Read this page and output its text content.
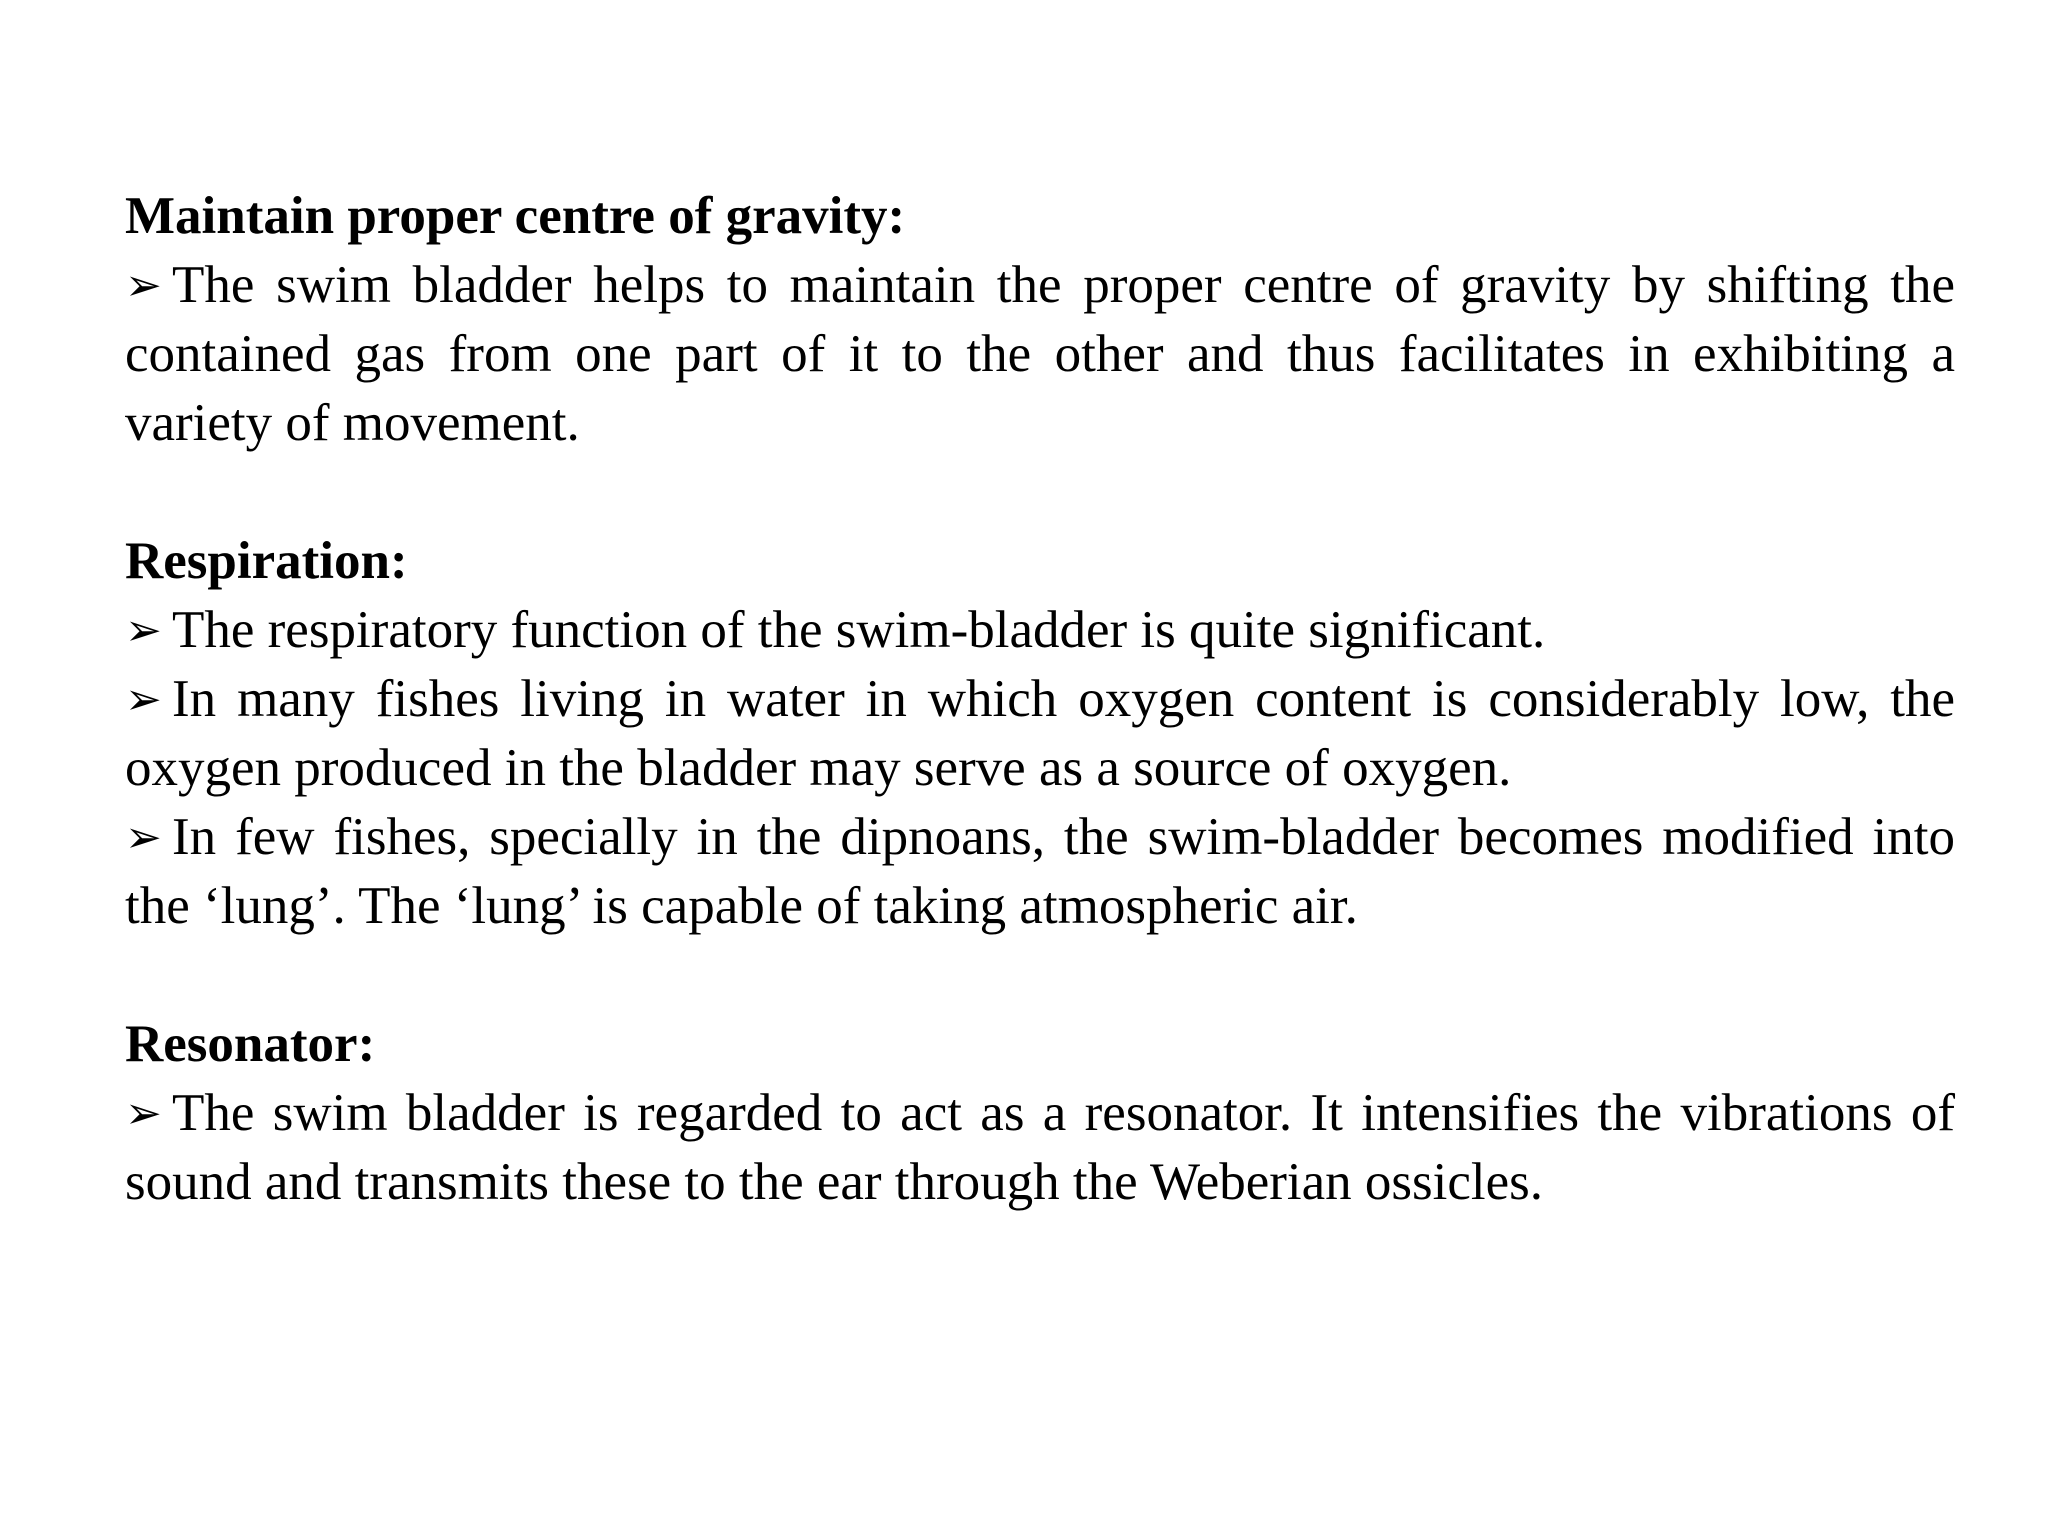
Maintain proper centre of gravity:

➢ The swim bladder helps to maintain the proper centre of gravity by shifting the contained gas from one part of it to the other and thus facilitates in exhibiting a variety of movement.

Respiration:

➢ The respiratory function of the swim-bladder is quite significant.

➢ In many fishes living in water in which oxygen content is considerably low, the oxygen produced in the bladder may serve as a source of oxygen.

➢ In few fishes, specially in the dipnoans, the swim-bladder becomes modified into the ‘lung’. The ‘lung’ is capable of taking atmospheric air.

Resonator:

➢ The swim bladder is regarded to act as a resonator. It intensifies the vibrations of sound and transmits these to the ear through the Weberian ossicles.
